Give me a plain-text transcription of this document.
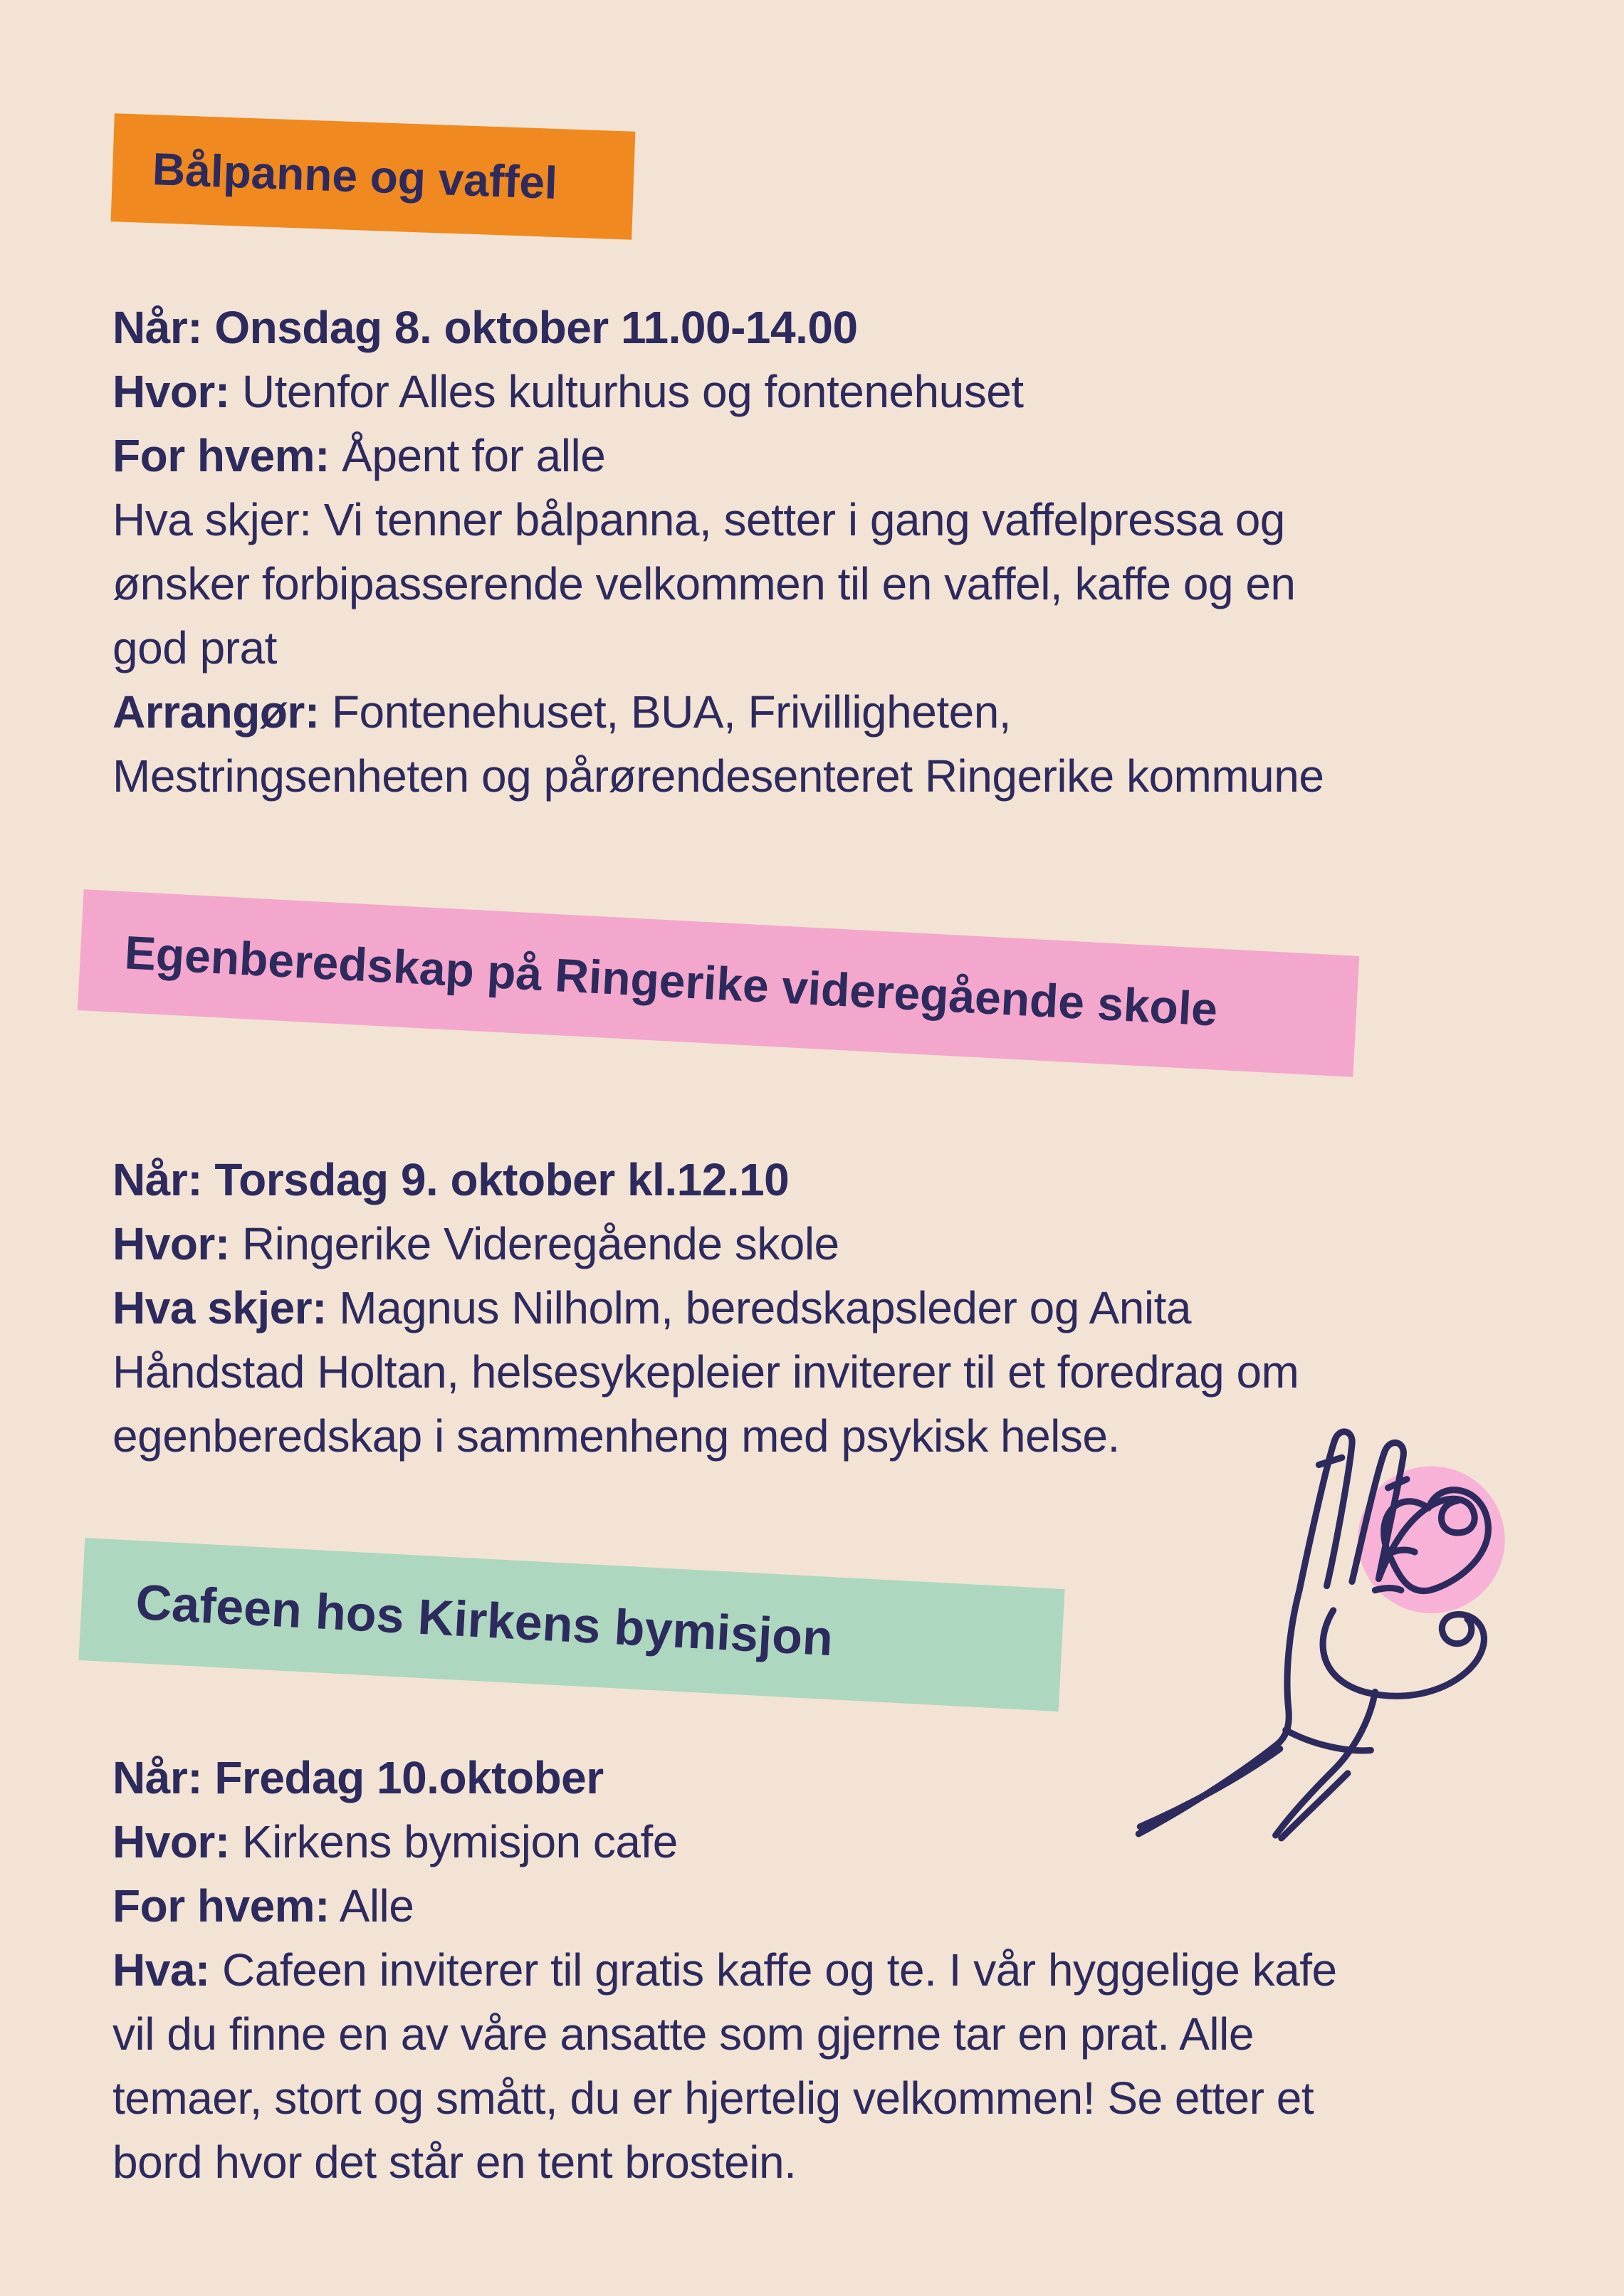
Bålpanne og vaffel
Når: Onsdag 8. oktober 11.00-14.00
Hvor: Utenfor Alles kulturhus og fontenehuset
For hvem: Åpent for alle
Hva skjer: Vi tenner bålpanna, setter i gang vaffelpressa og
ønsker forbipasserende velkommen til en vaffel, kaffe og en
god prat
Arrangør: Fontenehuset, BUA, Frivilligheten,
Mestringsenheten og pårørendesenteret Ringerike kommune
Egenberedskap på Ringerike videregående skole
Når: Torsdag 9. oktober kl.12.10
Hvor: Ringerike Videregående skole
Hva skjer: Magnus Nilholm, beredskapsleder og Anita
Håndstad Holtan, helsesykepleier inviterer til et foredrag om
egenberedskap i sammenheng med psykisk helse.
Cafeen hos Kirkens bymisjon
Når: Fredag 10.oktober
Hvor: Kirkens bymisjon cafe
For hvem: Alle
Hva: Cafeen inviterer til gratis kaffe og te. I vår hyggelige kafe
vil du finne en av våre ansatte som gjerne tar en prat. Alle
temaer, stort og smått, du er hjertelig velkommen! Se etter et
bord hvor det står en tent brostein.
